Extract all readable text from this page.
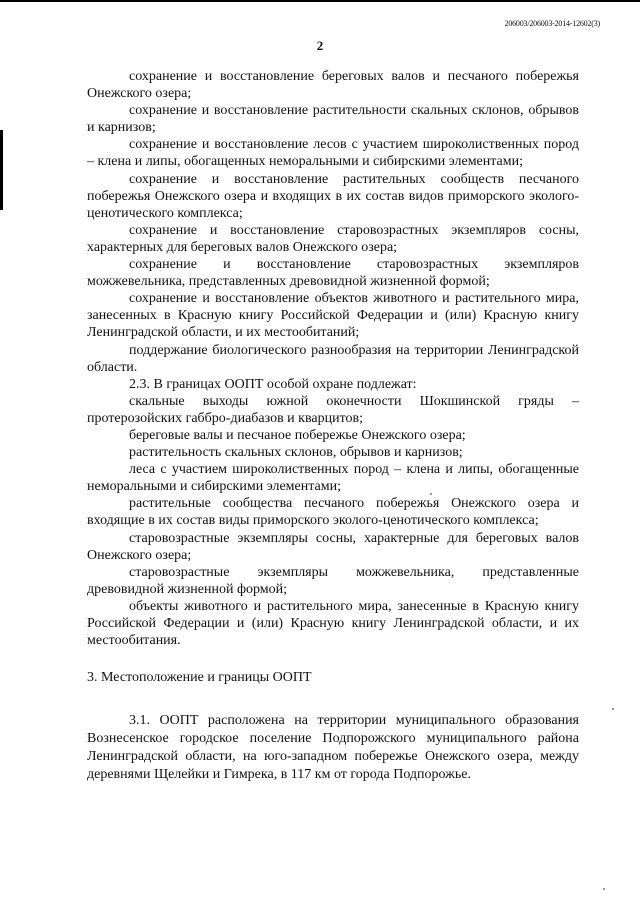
206003/206003-2014-12602(3)
2

сохранение и восстановление береговых валов и песчаного побережья Онежского озера;

сохранение и восстановление растительности скальных склонов, обрывов и карнизов;

сохранение и восстановление лесов с участием широколиственных пород – клена и липы, обогащенных неморальными и сибирскими элементами;

сохранение и восстановление растительных сообществ песчаного побережья Онежского озера и входящих в их состав видов приморского эколого-ценотического комплекса;

сохранение и восстановление старовозрастных экземпляров сосны, характерных для береговых валов Онежского озера;

сохранение и восстановление старовозрастных экземпляров можжевельника, представленных древовидной жизненной формой;

сохранение и восстановление объектов животного и растительного мира, занесенных в Красную книгу Российской Федерации и (или) Красную книгу Ленинградской области, и их местообитаний;

поддержание биологического разнообразия на территории Ленинградской области.

2.3. В границах ООПТ особой охране подлежат:

скальные выходы южной оконечности Шокшинской гряды – протерозойских габбро-диабазов и кварцитов;

береговые валы и песчаное побережье Онежского озера;

растительность скальных склонов, обрывов и карнизов;

леса с участием широколиственных пород – клена и липы, обогащенные неморальными и сибирскими элементами;

растительные сообщества песчаного побережья Онежского озера и входящие в их состав виды приморского эколого-ценотического комплекса;

старовозрастные экземпляры сосны, характерные для береговых валов Онежского озера;

старовозрастные экземпляры можжевельника, представленные древовидной жизненной формой;

объекты животного и растительного мира, занесенные в Красную книгу Российской Федерации и (или) Красную книгу Ленинградской области, и их местообитания.

3. Местоположение и границы ООПТ

3.1. ООПТ расположена на территории муниципального образования Вознесенское городское поселение Подпорожского муниципального района Ленинградской области, на юго-западном побережье Онежского озера, между деревнями Щелейки и Гимрека, в 117 км от города Подпорожье.
